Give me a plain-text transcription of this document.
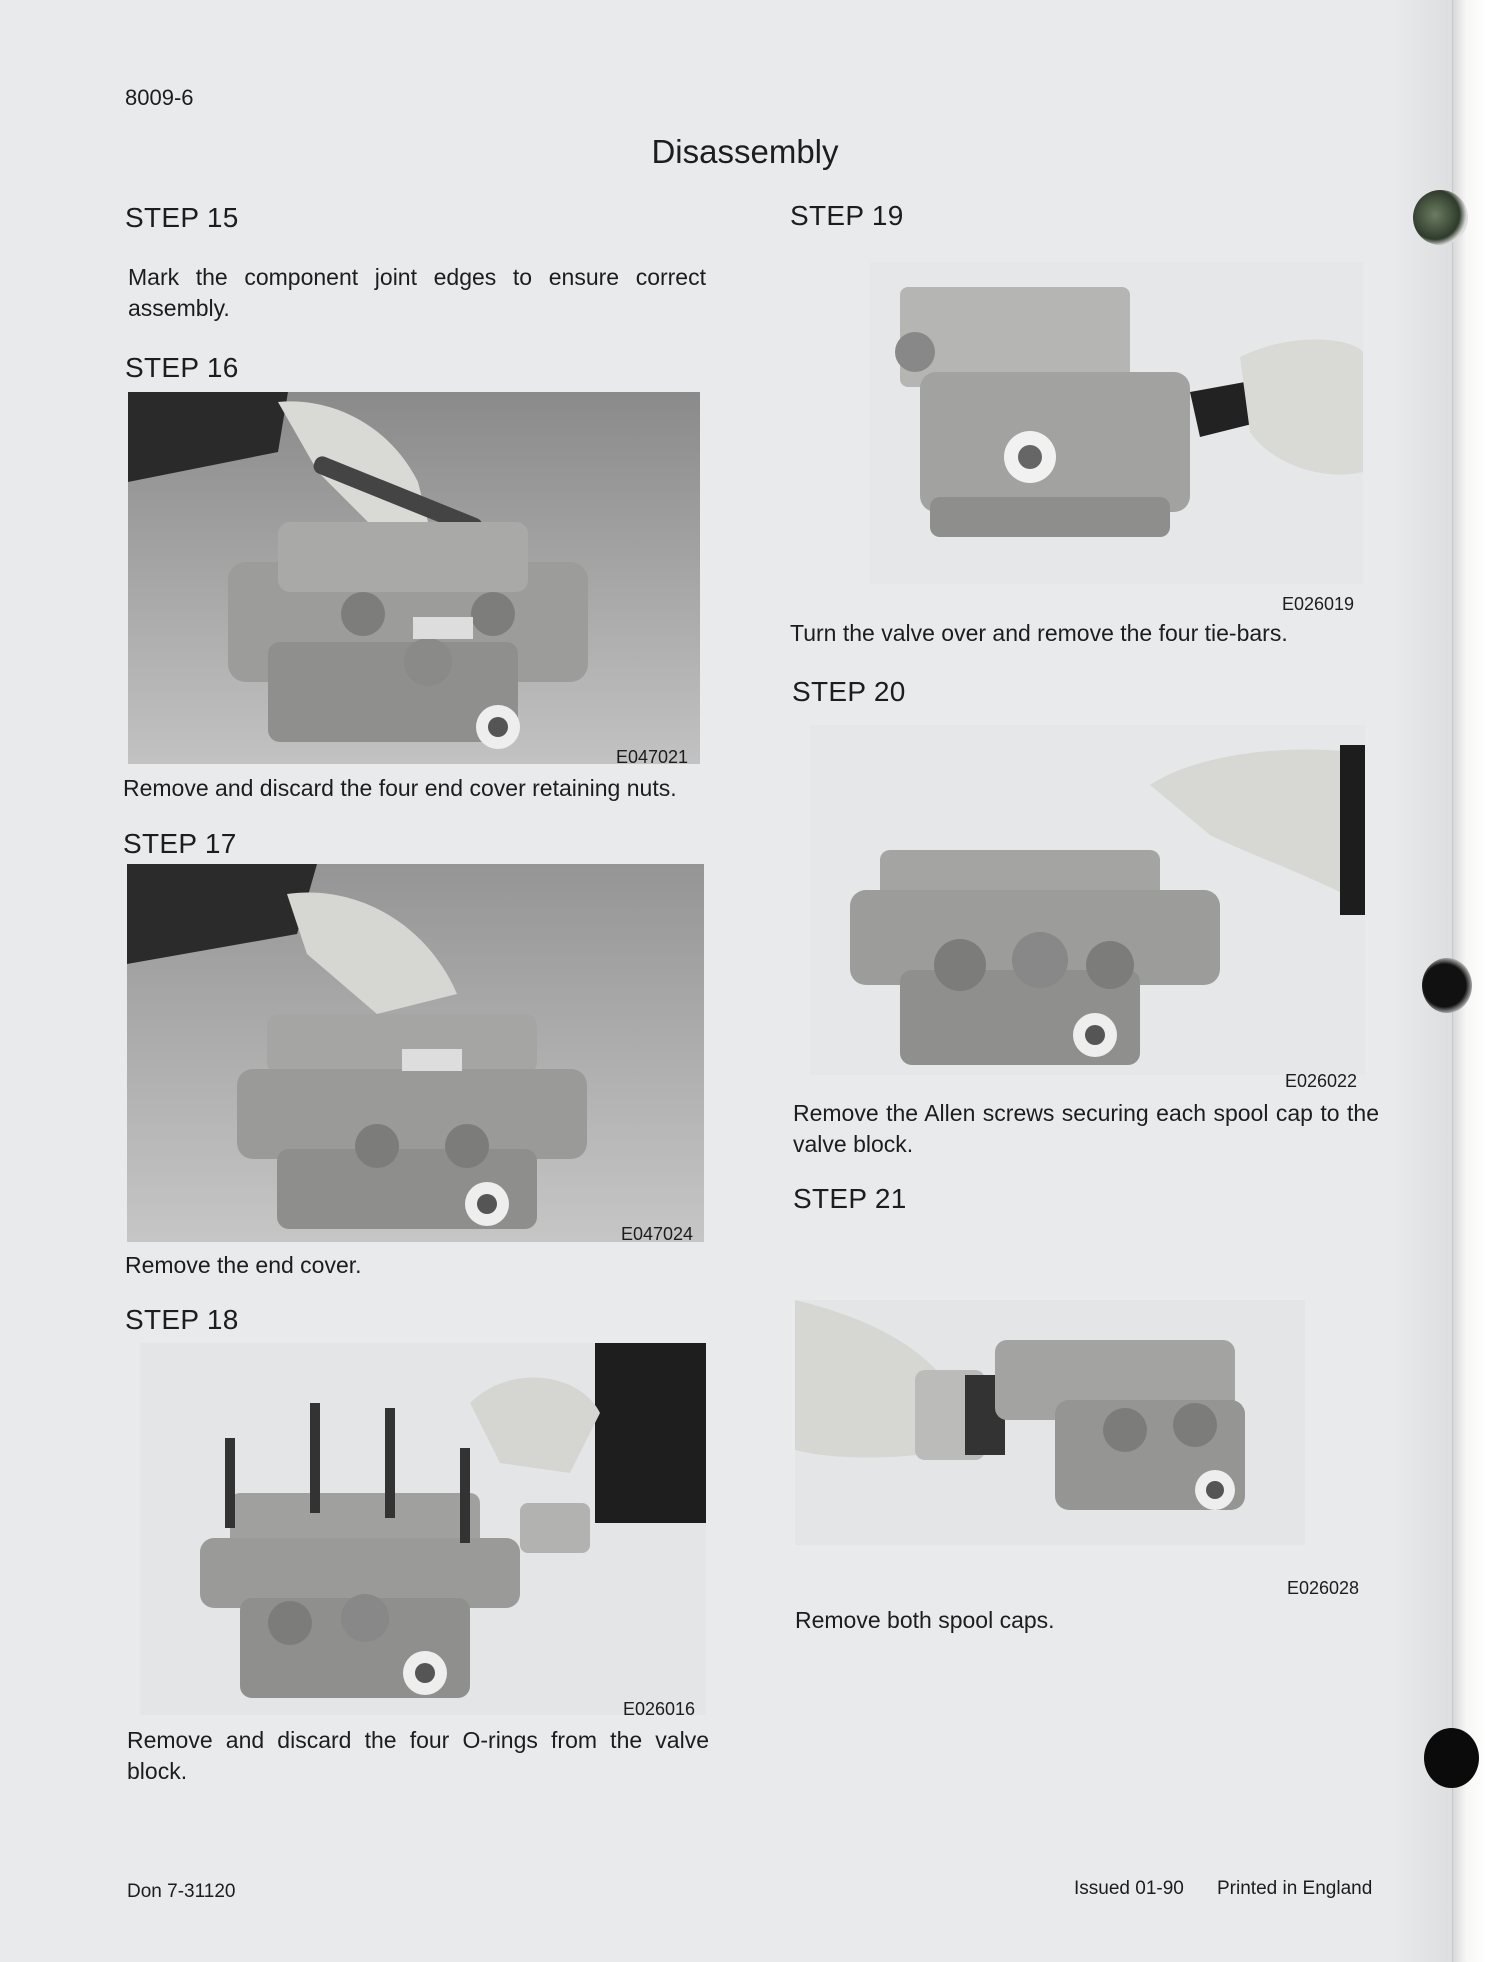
8009-6
Disassembly
STEP 15
Mark the component joint edges to ensure correct assembly.
STEP 16
E047021
Remove and discard the four end cover retaining nuts.
STEP 17
E047024
Remove the end cover.
STEP 18
E026016
Remove and discard the four O-rings from the valve block.
STEP 19
E026019
Turn the valve over and remove the four tie-bars.
STEP 20
E026022
Remove the Allen screws securing each spool cap to the valve block.
STEP 21
E026028
Remove both spool caps.
Don 7-31120	Issued 01-90 Printed in England
